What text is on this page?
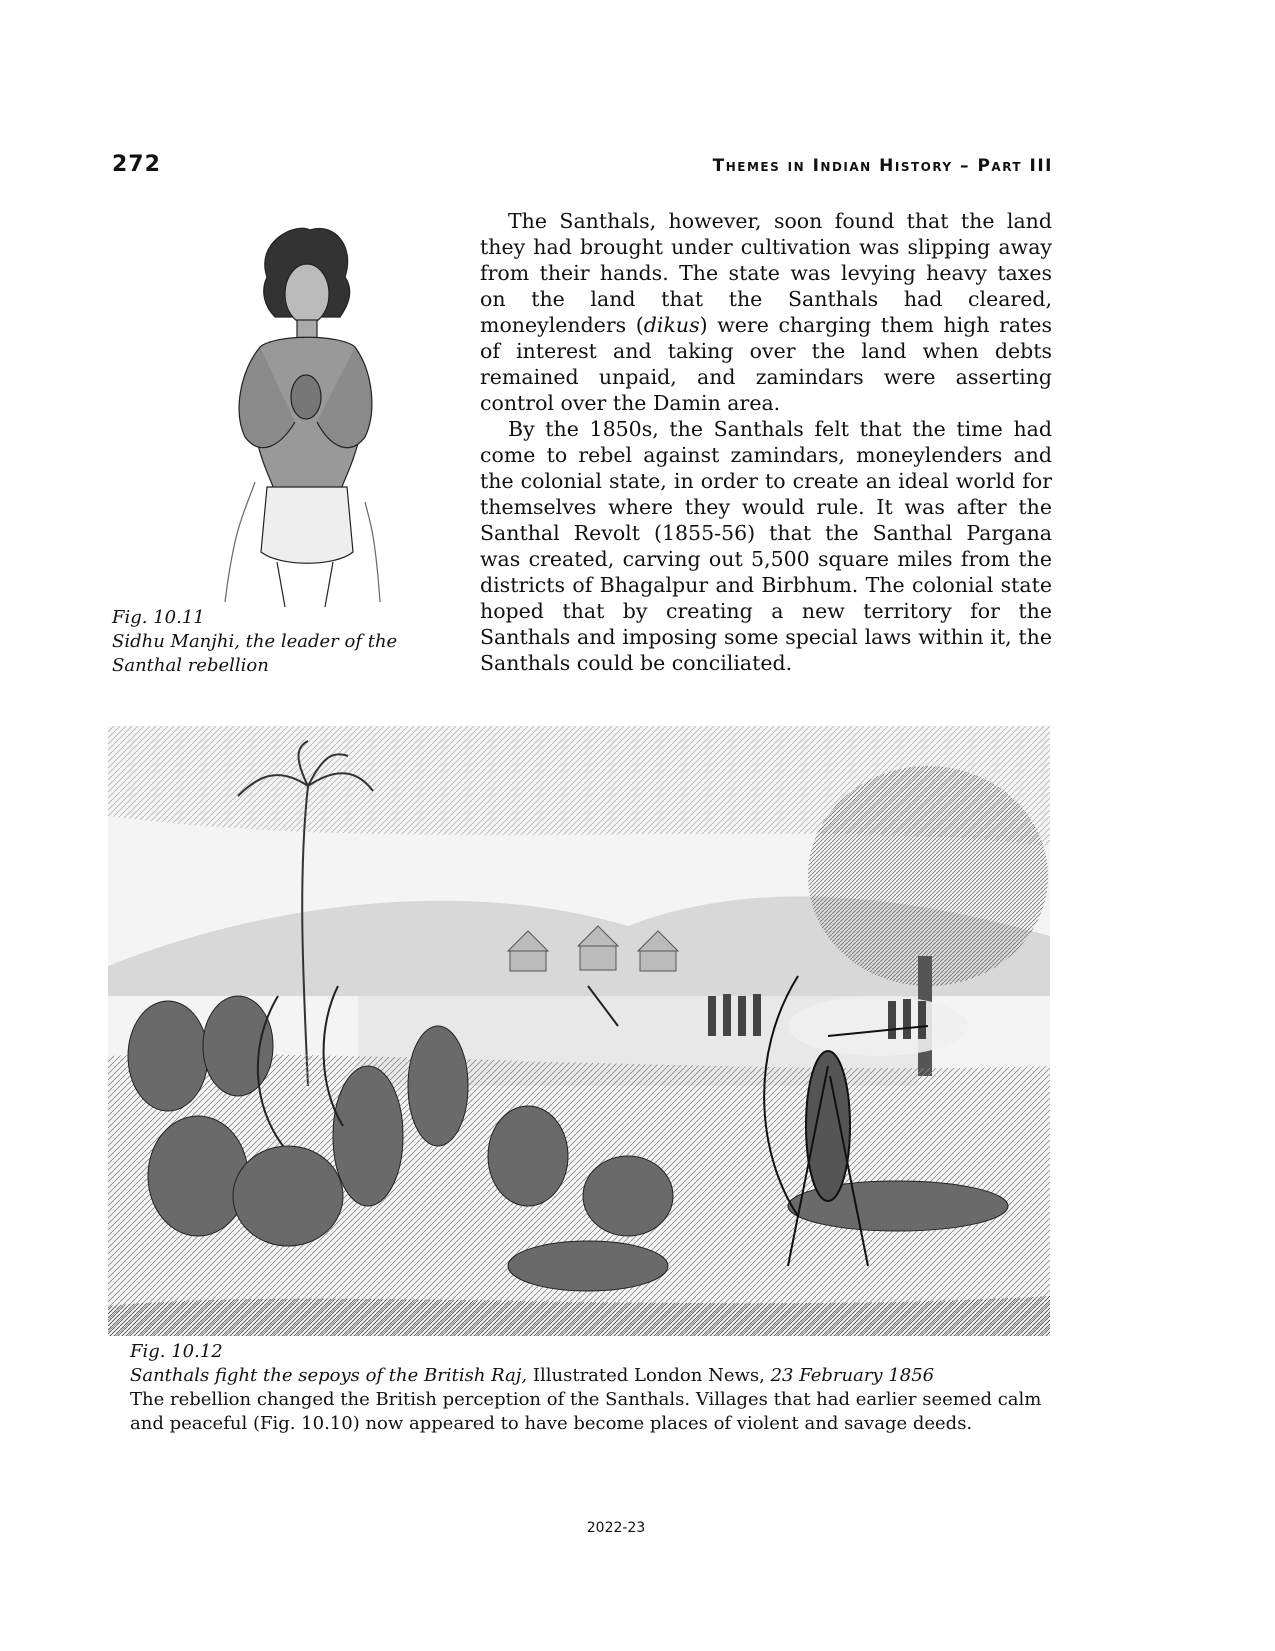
272	Themes in Indian History – Part III
Fig. 10.11
Sidhu Manjhi, the leader of the
Santhal rebellion

The Santhals, however, soon found that the land they had brought under cultivation was slipping away from their hands. The state was levying heavy taxes on the land that the Santhals had cleared, moneylenders (dikus) were charging them high rates of interest and taking over the land when debts remained unpaid, and zamindars were asserting control over the Damin area.

By the 1850s, the Santhals felt that the time had come to rebel against zamindars, moneylenders and the colonial state, in order to create an ideal world for themselves where they would rule. It was after the Santhal Revolt (1855-56) that the Santhal Pargana was created, carving out 5,500 square miles from the districts of Bhagalpur and Birbhum. The colonial state hoped that by creating a new territory for the Santhals and imposing some special laws within it, the Santhals could be conciliated.

Fig. 10.12
Santhals fight the sepoys of the British Raj, Illustrated London News, 23 February 1856
The rebellion changed the British perception of the Santhals. Villages that had earlier seemed calm and peaceful (Fig. 10.10) now appeared to have become places of violent and savage deeds.
2022-23
